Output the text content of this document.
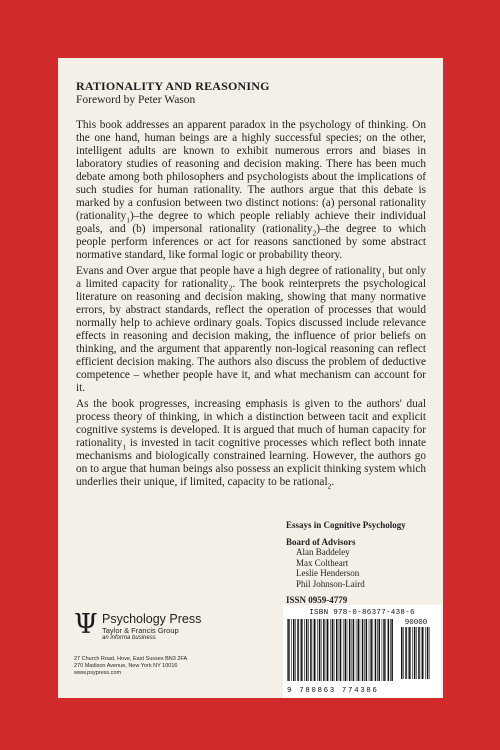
RATIONALITY AND REASONING

Foreword by Peter Wason

This book addresses an apparent paradox in the psychology of thinking. On the one hand, human beings are a highly successful species; on the other, intelligent adults are known to exhibit numerous errors and biases in laboratory studies of reasoning and decision making. There has been much debate among both philosophers and psychologists about the implications of such studies for human rationality. The authors argue that this debate is marked by a confusion between two distinct notions: (a) personal rationality (rationality$_1$)–the degree to which people reliably achieve their individual goals, and (b) impersonal rationality (rationality$_2$)–the degree to which people perform inferences or act for reasons sanctioned by some abstract normative standard, like formal logic or probability theory.

Evans and Over argue that people have a high degree of rationality$_1$ but only a limited capacity for rationality$_2$. The book reinterprets the psychological literature on reasoning and decision making, showing that many normative errors, by abstract standards, reflect the operation of processes that would normally help to achieve ordinary goals. Topics discussed include relevance effects in reasoning and decision making, the influence of prior beliefs on thinking, and the argument that apparently non-logical reasoning can reflect efficient decision making. The authors also discuss the problem of deductive competence – whether people have it, and what mechanism can account for it.

As the book progresses, increasing emphasis is given to the authors' dual process theory of thinking, in which a distinction between tacit and explicit cognitive systems is developed. It is argued that much of human capacity for rationality$_1$ is invested in tacit cognitive processes which reflect both innate mechanisms and biologically constrained learning. However, the authors go on to argue that human beings also possess an explicit thinking system which underlies their unique, if limited, capacity to be rational$_2$.

Essays in Cognitive Psychology
Board of Advisors
Alan Baddeley
Max Coltheart
Leslie Henderson
Phil Johnson-Laird
ISSN 0959-4779
Ψ Psychology Press
Taylor & Francis Group
an informa business
27 Church Road, Hove, East Sussex BN3 2FA
270 Madison Avenue, New York NY 10016
www.psypress.com
ISBN 978-0-86377-438-6
9 780863 774386
90000
